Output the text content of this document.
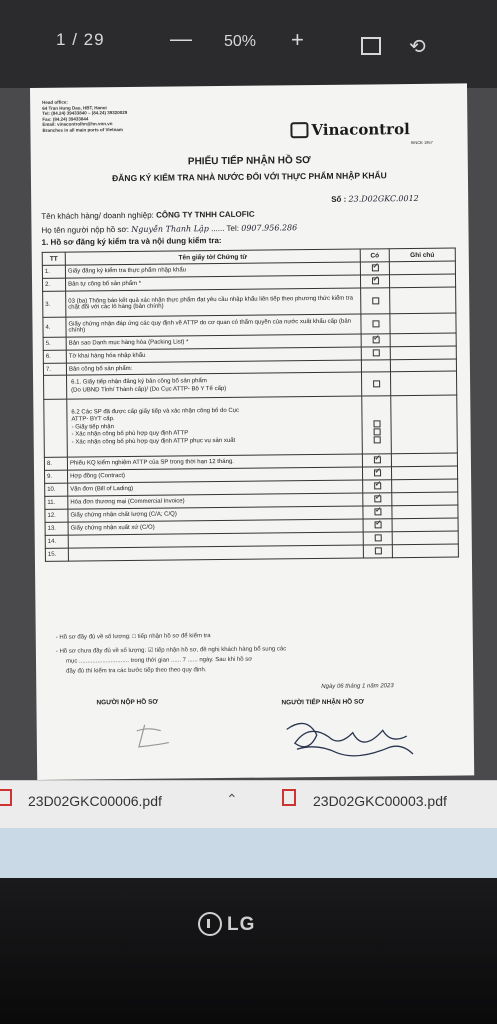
1 / 29	— 50% +	⟲
Head office:
64 Tran Hung Dao, HBT, Hanoi
Tel: (84.24) 39433840 – (84.24) 39320029
Fax: (84.24) 39433844
Email: vinacontrolhn@hn.vnn.vn
Branches in all main ports of Vietnam	Vinacontrol
SINCE 1957
PHIẾU TIẾP NHẬN HỒ SƠ
ĐĂNG KÝ KIỂM TRA NHÀ NƯỚC ĐỐI VỚI THỰC PHẨM NHẬP KHẨU
Số : 23.D02GKC.0012
Tên khách hàng/ doanh nghiệp: CÔNG TY TNHH CALOFIC
Họ tên người nộp hồ sơ: Nguyễn Thanh Lập ...... Tel: 0907.956.286
1. Hồ sơ đăng ký kiểm tra và nội dung kiểm tra:
TT	Tên giấy tờ/ Chứng từ	Có	Ghi chú
1.	Giấy đăng ký kiểm tra thực phẩm nhập khẩu	✓	
2.	Bản tự công bố sản phẩm *	✓	
3.	03 (ba) Thông báo kết quả xác nhận thực phẩm đạt yêu cầu nhập khẩu liên tiếp theo phương thức kiểm tra chặt đối với các lô hàng (bản chính)		
4.	Giấy chứng nhận đáp ứng các quy định về ATTP do cơ quan có thẩm quyền của nước xuất khẩu cấp (bản chính)		
5.	Bản sao Danh mục hàng hóa (Packing List) *	✓	
6.	Tờ khai hàng hóa nhập khẩu		
7.	Bản công bố sản phẩm:		

	6.1. Giấy tiếp nhận đăng ký bản công bố sản phẩm
(Do UBND Tỉnh/ Thành cấp)/ (Do Cục ATTP- Bộ Y Tế cấp)		

	6.2 Các SP đã được cấp giấy tiếp và xác nhận công bố do Cục
ATTP- BYT cấp.
- Giấy tiếp nhận
- Xác nhận công bố phù hợp quy định ATTP
- Xác nhận công bố phù hợp quy định ATTP phục vụ sản xuất		

8.	Phiếu KQ kiểm nghiệm ATTP của SP trong thời hạn 12 tháng.	✓	
9.	Hợp đồng (Contract)	✓	
10.	Vận đơn (Bill of Lading)	✓	
11.	Hóa đơn thương mại (Commercial Invoice)	✓	
12.	Giấy chứng nhận chất lượng (C/A; C/Q)	✓	
13.	Giấy chứng nhận xuất xứ (C/O)	✓	
14.			
15.			
- Hồ sơ đầy đủ về số lượng: □ tiếp nhận hồ sơ để kiểm tra
- Hồ sơ chưa đầy đủ về số lượng: ☑ tiếp nhận hồ sơ, đề nghị khách hàng bổ sung các
mục .............................. trong thời gian ...... 7 ...... ngày. Sau khi hồ sơ
đầy đủ thì kiểm tra các bước tiếp theo theo quy định.
Ngày 06 tháng 1 năm 2023
NGƯỜI NỘP HỒ SƠ	NGƯỜI TIẾP NHẬN HỒ SƠ
23D02GKC00006.pdf	⌃	23D02GKC00003.pdf
LG
